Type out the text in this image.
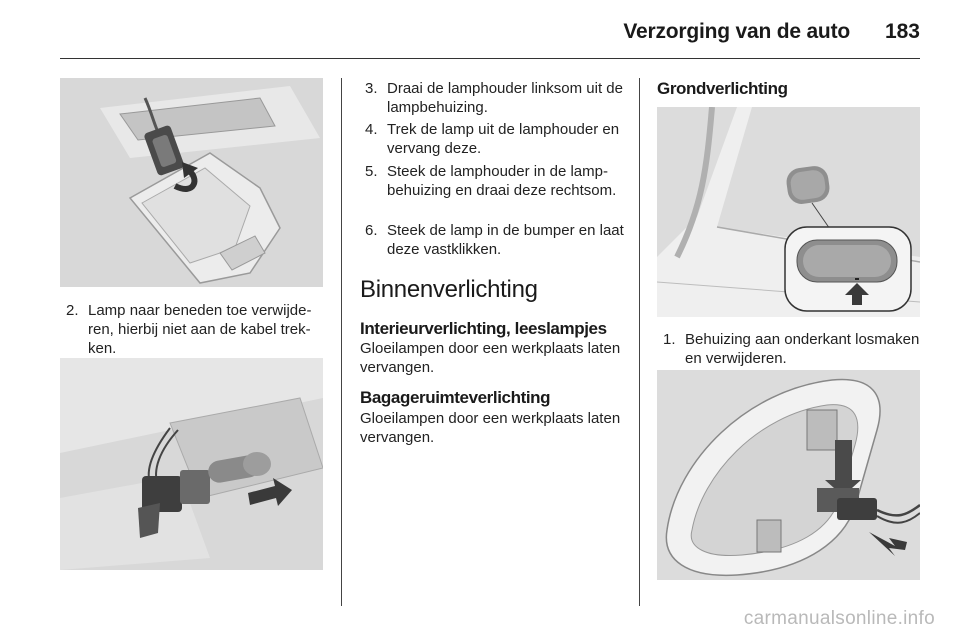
Verzorging van de auto	183
2. Lamp naar beneden toe verwijderen, hierbij niet aan de kabel trekken.
3. Draai de lamphouder linksom uit de lampbehuizing.
4. Trek de lamp uit de lamphouder en vervang deze.
5. Steek de lamphouder in de lampbehuizing en draai deze rechtsom.
6. Steek de lamp in de bumper en laat deze vastklikken.
Binnenverlichting
Interieurverlichting, leeslampjes
Gloeilampen door een werkplaats laten vervangen.
Bagageruimteverlichting
Gloeilampen door een werkplaats laten vervangen.
Grondverlichting
1. Behuizing aan onderkant losmaken en verwijderen.
carmanualsonline.info
